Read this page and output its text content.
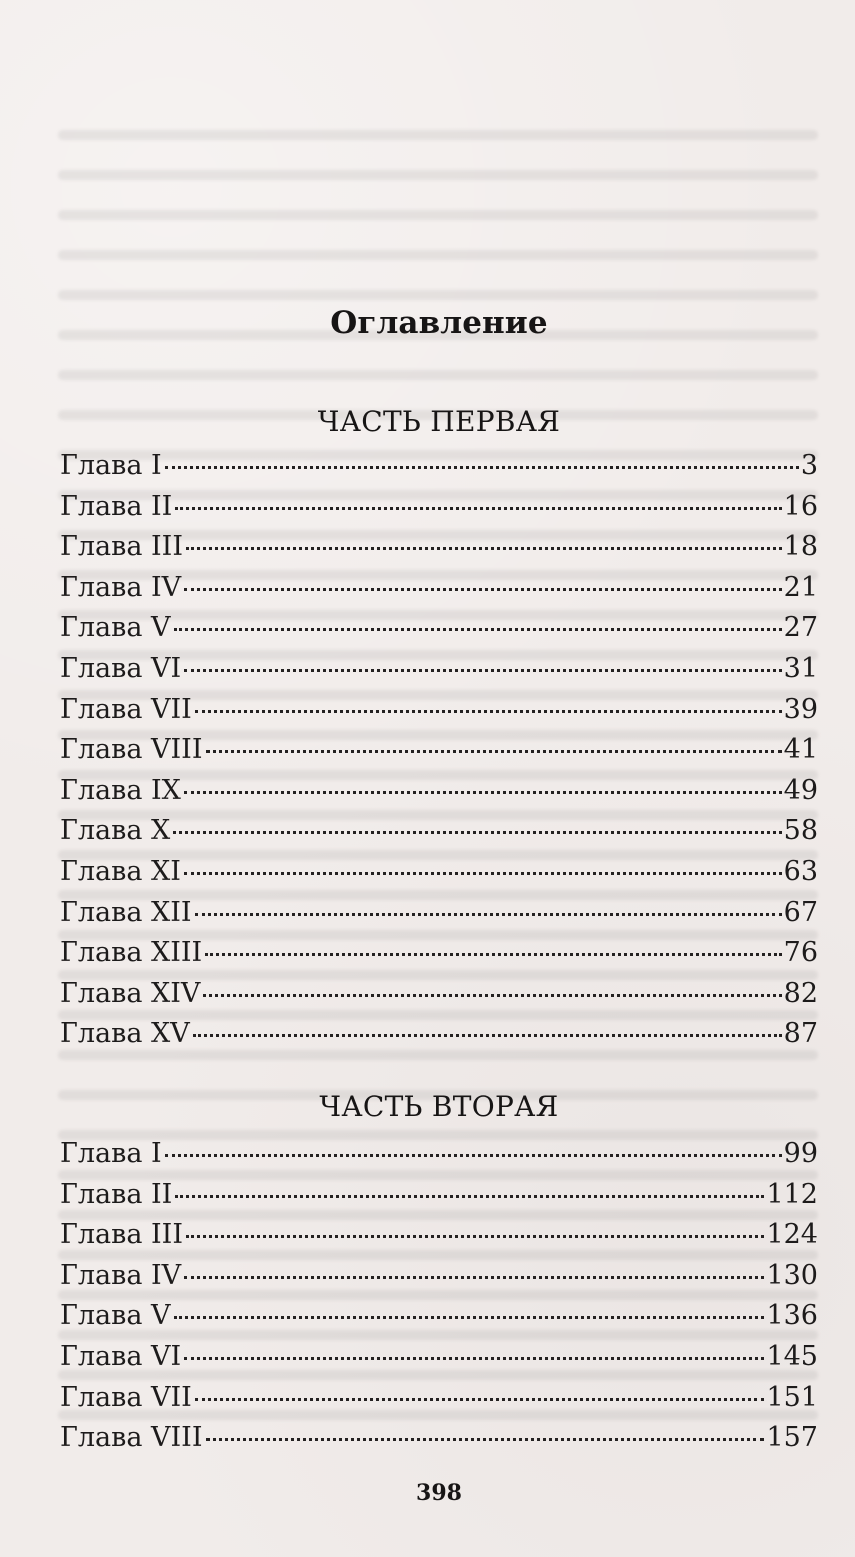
Оглавление
ЧАСТЬ ПЕРВАЯ
Глава I	3
Глава II	16
Глава III	18
Глава IV	21
Глава V	27
Глава VI	31
Глава VII	39
Глава VIII	41
Глава IX	49
Глава X	58
Глава XI	63
Глава XII	67
Глава XIII	76
Глава XIV	82
Глава XV	87
ЧАСТЬ ВТОРАЯ
Глава I	99
Глава II	112
Глава III	124
Глава IV	130
Глава V	136
Глава VI	145
Глава VII	151
Глава VIII	157
398
